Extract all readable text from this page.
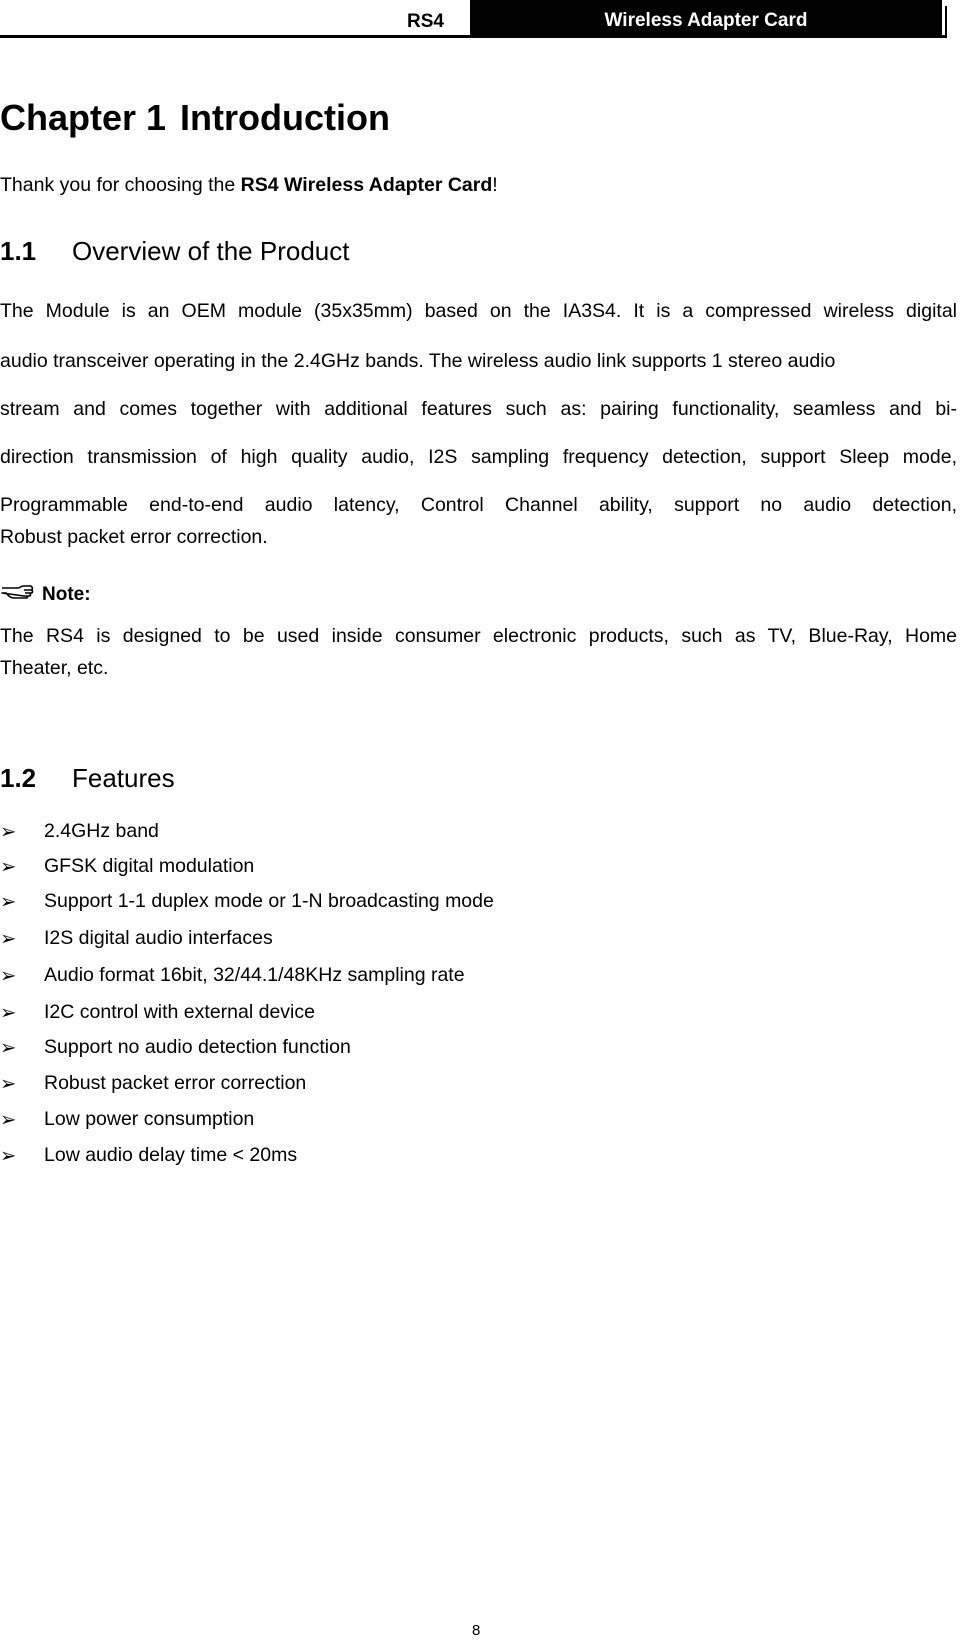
RS4	Wireless Adapter Card
Chapter 1 Introduction
Thank you for choosing the RS4 Wireless Adapter Card!
1.1 Overview of the Product
The Module is an OEM module (35x35mm) based on the IA3S4. It is a compressed wireless digital
audio transceiver operating in the 2.4GHz bands. The wireless audio link supports 1 stereo audio
stream and comes together with additional features such as: pairing functionality, seamless and bi-
direction transmission of high quality audio, I2S sampling frequency detection, support Sleep mode,
Programmable end-to-end audio latency, Control Channel ability, support no audio detection,
Robust packet error correction.
Note:
The RS4 is designed to be used inside consumer electronic products, such as TV, Blue-Ray, Home
Theater, etc.
1.2 Features
➢ 2.4GHz band
➢ GFSK digital modulation
➢ Support 1-1 duplex mode or 1-N broadcasting mode
➢ I2S digital audio interfaces
➢ Audio format 16bit, 32/44.1/48KHz sampling rate
➢ I2C control with external device
➢ Support no audio detection function
➢ Robust packet error correction
➢ Low power consumption
➢ Low audio delay time < 20ms
8
